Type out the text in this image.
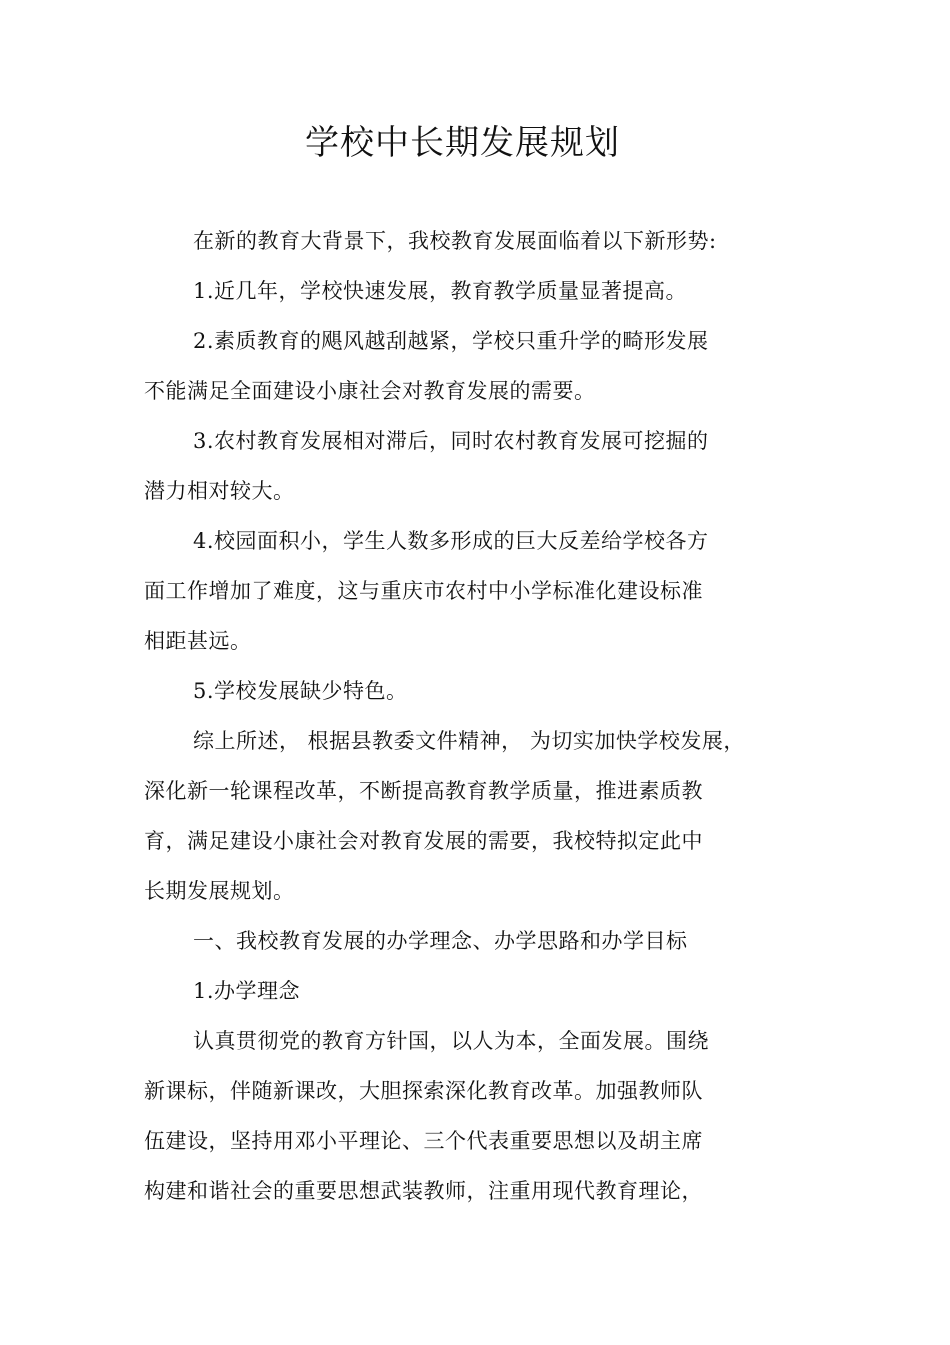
学校中长期发展规划
在新的教育大背景下，我校教育发展面临着以下新形势:
1.近几年，学校快速发展，教育教学质量显著提高。
2.素质教育的飓风越刮越紧，学校只重升学的畸形发展
不能满足全面建设小康社会对教育发展的需要。
3.农村教育发展相对滞后，同时农村教育发展可挖掘的
潜力相对较大。
4.校园面积小，学生人数多形成的巨大反差给学校各方
面工作增加了难度，这与重庆市农村中小学标准化建设标准
相距甚远。
5.学校发展缺少特色。
综上所述， 根据县教委文件精神， 为切实加快学校发展，
深化新一轮课程改革，不断提高教育教学质量，推进素质教
育，满足建设小康社会对教育发展的需要，我校特拟定此中
长期发展规划。
一、我校教育发展的办学理念、办学思路和办学目标
1.办学理念
认真贯彻党的教育方针国，以人为本，全面发展。围绕
新课标，伴随新课改，大胆探索深化教育改革。加强教师队
伍建设，坚持用邓小平理论、三个代表重要思想以及胡主席
构建和谐社会的重要思想武装教师，注重用现代教育理论，
